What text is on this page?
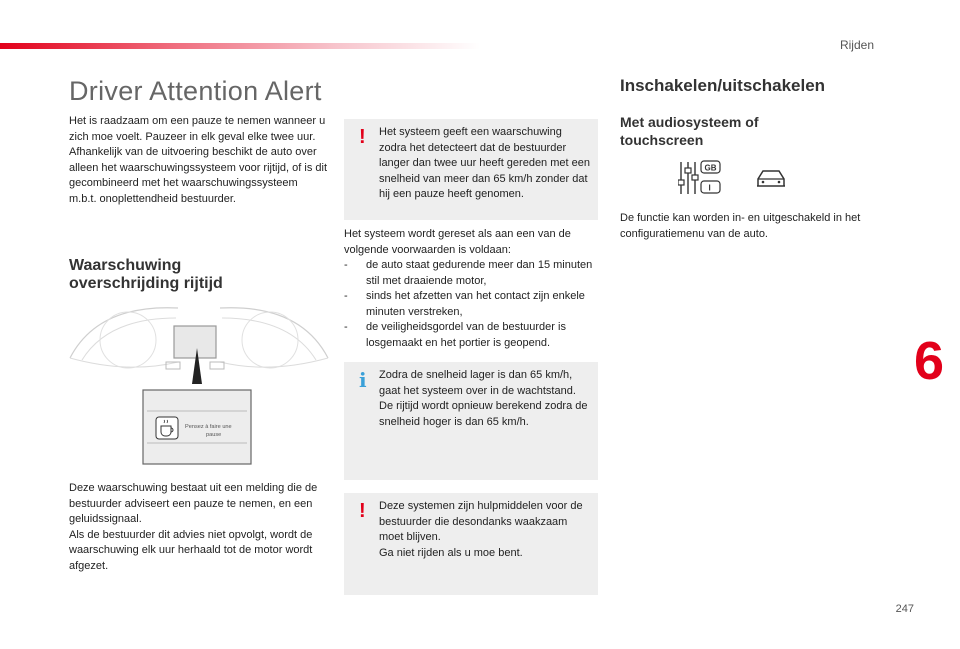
Rijden
6
247
Driver Attention Alert
Het is raadzaam om een pauze te nemen wanneer u zich moe voelt. Pauzeer in elk geval elke twee uur.
Afhankelijk van de uitvoering beschikt de auto over alleen het waarschuwingssysteem voor rijtijd, of is dit gecombineerd met het waarschuwingssysteem m.b.t. onoplettendheid bestuurder.
Waarschuwing
overschrijding rijtijd
Pensez à faire une
pause
Deze waarschuwing bestaat uit een melding die de bestuurder adviseert een pauze te nemen, en een geluidssignaal.
Als de bestuurder dit advies niet opvolgt, wordt de waarschuwing elk uur herhaald tot de motor wordt afgezet.
! Het systeem geeft een waarschuwing zodra het detecteert dat de bestuurder langer dan twee uur heeft gereden met een snelheid van meer dan 65 km/h zonder dat hij een pauze heeft genomen.
Het systeem wordt gereset als aan een van de volgende voorwaarden is voldaan:
- de auto staat gedurende meer dan 15 minuten stil met draaiende motor,
- sinds het afzetten van het contact zijn enkele minuten verstreken,
- de veiligheidsgordel van de bestuurder is losgemaakt en het portier is geopend.
i Zodra de snelheid lager is dan 65 km/h, gaat het systeem over in de wachtstand. De rijtijd wordt opnieuw berekend zodra de snelheid hoger is dan 65 km/h.
! Deze systemen zijn hulpmiddelen voor de bestuurder die desondanks waakzaam moet blijven.
Ga niet rijden als u moe bent.
Inschakelen/uitschakelen
Met audiosysteem of
touchscreen
GB
I
De functie kan worden in- en uitgeschakeld in het configuratiemenu van de auto.
